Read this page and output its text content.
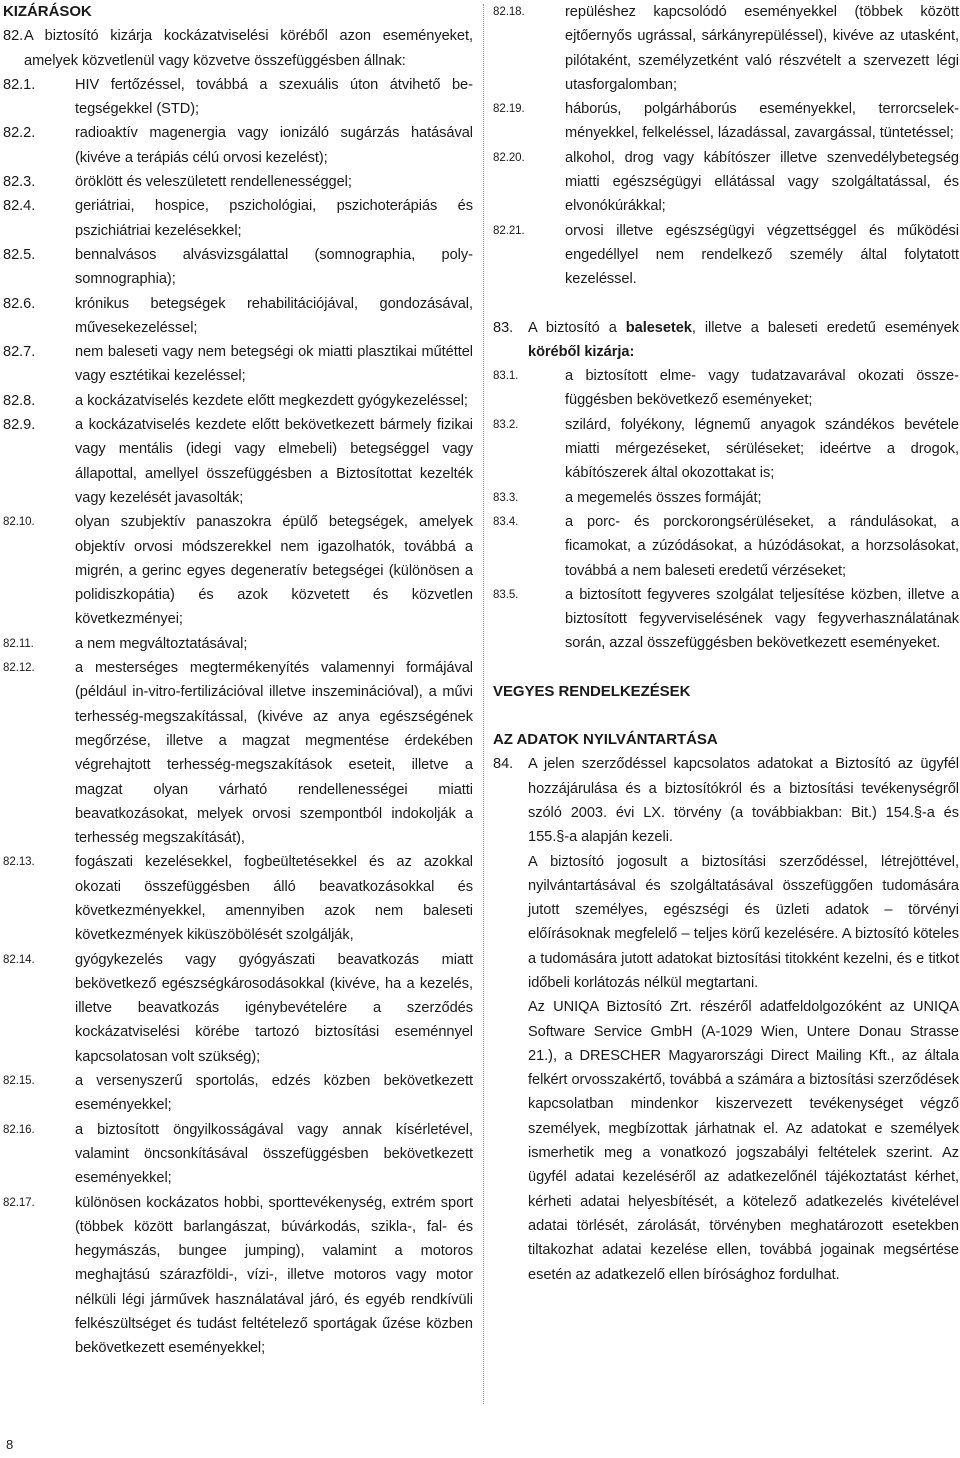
KIZÁRÁSOK

82. A biztosító kizárja kockázatviselési köréből azon eseményeket, amelyek közvetlenül vagy közvetve összefüggésben állnak:
82.1.	HIV fertőzéssel, továbbá a szexuális úton átvihető betegségekkel (STD);
82.2.	radioaktív magenergia vagy ionizáló sugárzás hatásával (kivéve a terápiás célú orvosi kezelést);
82.3.	öröklött és veleszületett rendellenességgel;
82.4.	geriátriai, hospice, pszichológiai, pszichoterápiás és pszichiátriai kezelésekkel;
82.5.	bennalvásos alvásvizsgálattal (somnographia, polysomnographia);
82.6.	krónikus betegségek rehabilitációjával, gondozásával, művesekezeléssel;
82.7.	nem baleseti vagy nem betegségi ok miatti plasztikai műtéttel vagy esztétikai kezeléssel;
82.8.	a kockázatviselés kezdete előtt megkezdett gyógykezeléssel;
82.9.	a kockázatviselés kezdete előtt bekövetkezett bármely fizikai vagy mentális (idegi vagy elmebeli) betegséggel vagy állapottal, amellyel összefüggésben a Biztosítottat kezelték vagy kezelését javasolták;
82.10.	olyan szubjektív panaszokra épülő betegségek, amelyek objektív orvosi módszerekkel nem igazolhatók, továbbá a migrén, a gerinc egyes degeneratív betegségei (különösen a polidiszkopátia) és azok közvetett és közvetlen következményei;
82.11.	a nem megváltoztatásával;
82.12.	a mesterséges megtermékenyítés valamennyi formájával (például in-vitro-fertilizációval illetve inszeminációval), a művi terhesség-megszakítással, (kivéve az anya egészségének megőrzése, illetve a magzat megmentése érdekében végrehajtott terhesség-megszakítások eseteit, illetve a magzat olyan várható rendellenességei miatti beavatkozásokat, melyek orvosi szempontból indokolják a terhesség megszakítását),
82.13.	fogászati kezelésekkel, fogbeültetésekkel és az azokkal okozati összefüggésben álló beavatkozásokkal és következményekkel, amennyiben azok nem baleseti következmények kiküszöbölését szolgálják,
82.14.	gyógykezelés vagy gyógyászati beavatkozás miatt bekövetkező egészségkárosodásokkal (kivéve, ha a kezelés, illetve beavatkozás igénybevételére a szerződés kockázatviselési körébe tartozó biztosítási eseménnyel kapcsolatosan volt szükség);
82.15.	a versenyszerű sportolás, edzés közben bekövetkezett eseményekkel;
82.16.	a biztosított öngyilkosságával vagy annak kísérletével, valamint öncsonkításával összefüggésben bekövetkezett eseményekkel;
82.17.	különösen kockázatos hobbi, sporttevékenység, extrém sport (többek között barlangászat, búvárkodás, szikla-, fal- és hegymászás, bungee jumping), valamint a motoros meghajtású szárazföldi-, vízi-, illetve motoros vagy motor nélküli légi járművek használatával járó, és egyéb rendkívüli felkészültséget és tudást feltételező sportágak űzése közben bekövetkezett eseményekkel;
82.18.	repüléshez kapcsolódó eseményekkel (többek között ejtőernyős ugrással, sárkányrepüléssel), kivéve az utasként, pilótaként, személyzetként való részvételt a szervezett légi utasforgalomban;
82.19.	háborús, polgárháborús eseményekkel, terrorcselekményekkel, felkeléssel, lázadással, zavargással, tüntetéssel;
82.20.	alkohol, drog vagy kábítószer illetve szenvedélybetegség miatti egészségügyi ellátással vagy szolgáltatással, és elvonókúrákkal;
82.21.	orvosi illetve egészségügyi végzettséggel és működési engedéllyel nem rendelkező személy által folytatott kezeléssel.
83.	A biztosító a balesetek, illetve a baleseti eredetű események köréből kizárja:
83.1.	a biztosított elme- vagy tudatzavarával okozati összefüggésben bekövetkező eseményeket;
83.2.	szilárd, folyékony, légnemű anyagok szándékos bevétele miatti mérgezéseket, sérüléseket; ideértve a drogok, kábítószerek által okozottakat is;
83.3.	a megemelés összes formáját;
83.4.	a porc- és porckorongsérüléseket, a rándulásokat, a ficamokat, a zúzódásokat, a húzódásokat, a horzsolásokat, továbbá a nem baleseti eredetű vérzéseket;
83.5.	a biztosított fegyveres szolgálat teljesítése közben, illetve a biztosított fegyverviselésének vagy fegyverhasználatának során, azzal összefüggésben bekövetkezett eseményeket.

VEGYES RENDELKEZÉSEK

AZ ADATOK NYILVÁNTARTÁSA

84.	A jelen szerződéssel kapcsolatos adatokat a Biztosító az ügyfél hozzájárulása és a biztosítókról és a biztosítási tevékenységről szóló 2003. évi LX. törvény (a továbbiakban: Bit.) 154.§-a és 155.§-a alapján kezeli.

A biztosító jogosult a biztosítási szerződéssel, létrejöttével, nyilvántartásával és szolgáltatásával összefüggően tudomására jutott személyes, egészségi és üzleti adatok – törvényi előírásoknak megfelelő – teljes körű kezelésére. A biztosító köteles a tudomására jutott adatokat biztosítási titokként kezelni, és e titkot időbeli korlátozás nélkül megtartani.

Az UNIQA Biztosító Zrt. részéről adatfeldolgozóként az UNIQA Software Service GmbH (A-1029 Wien, Untere Donau Strasse 21.), a DRESCHER Magyarországi Direct Mailing Kft., az általa felkért orvosszakértő, továbbá a számára a biztosítási szerződések kapcsolatban mindenkor kiszervezett tevékenységet végző személyek, megbízottak járhatnak el. Az adatokat e személyek ismerhetik meg a vonatkozó jogszabályi feltételek szerint. Az ügyfél adatai kezeléséről az adatkezelőnél tájékoztatást kérhet, kérheti adatai helyesbítését, a kötelező adatkezelés kivételével adatai törlését, zárolását, törvényben meghatározott esetekben tiltakozhat adatai kezelése ellen, továbbá jogainak megsértése esetén az adatkezelő ellen bírósághoz fordulhat.

8
